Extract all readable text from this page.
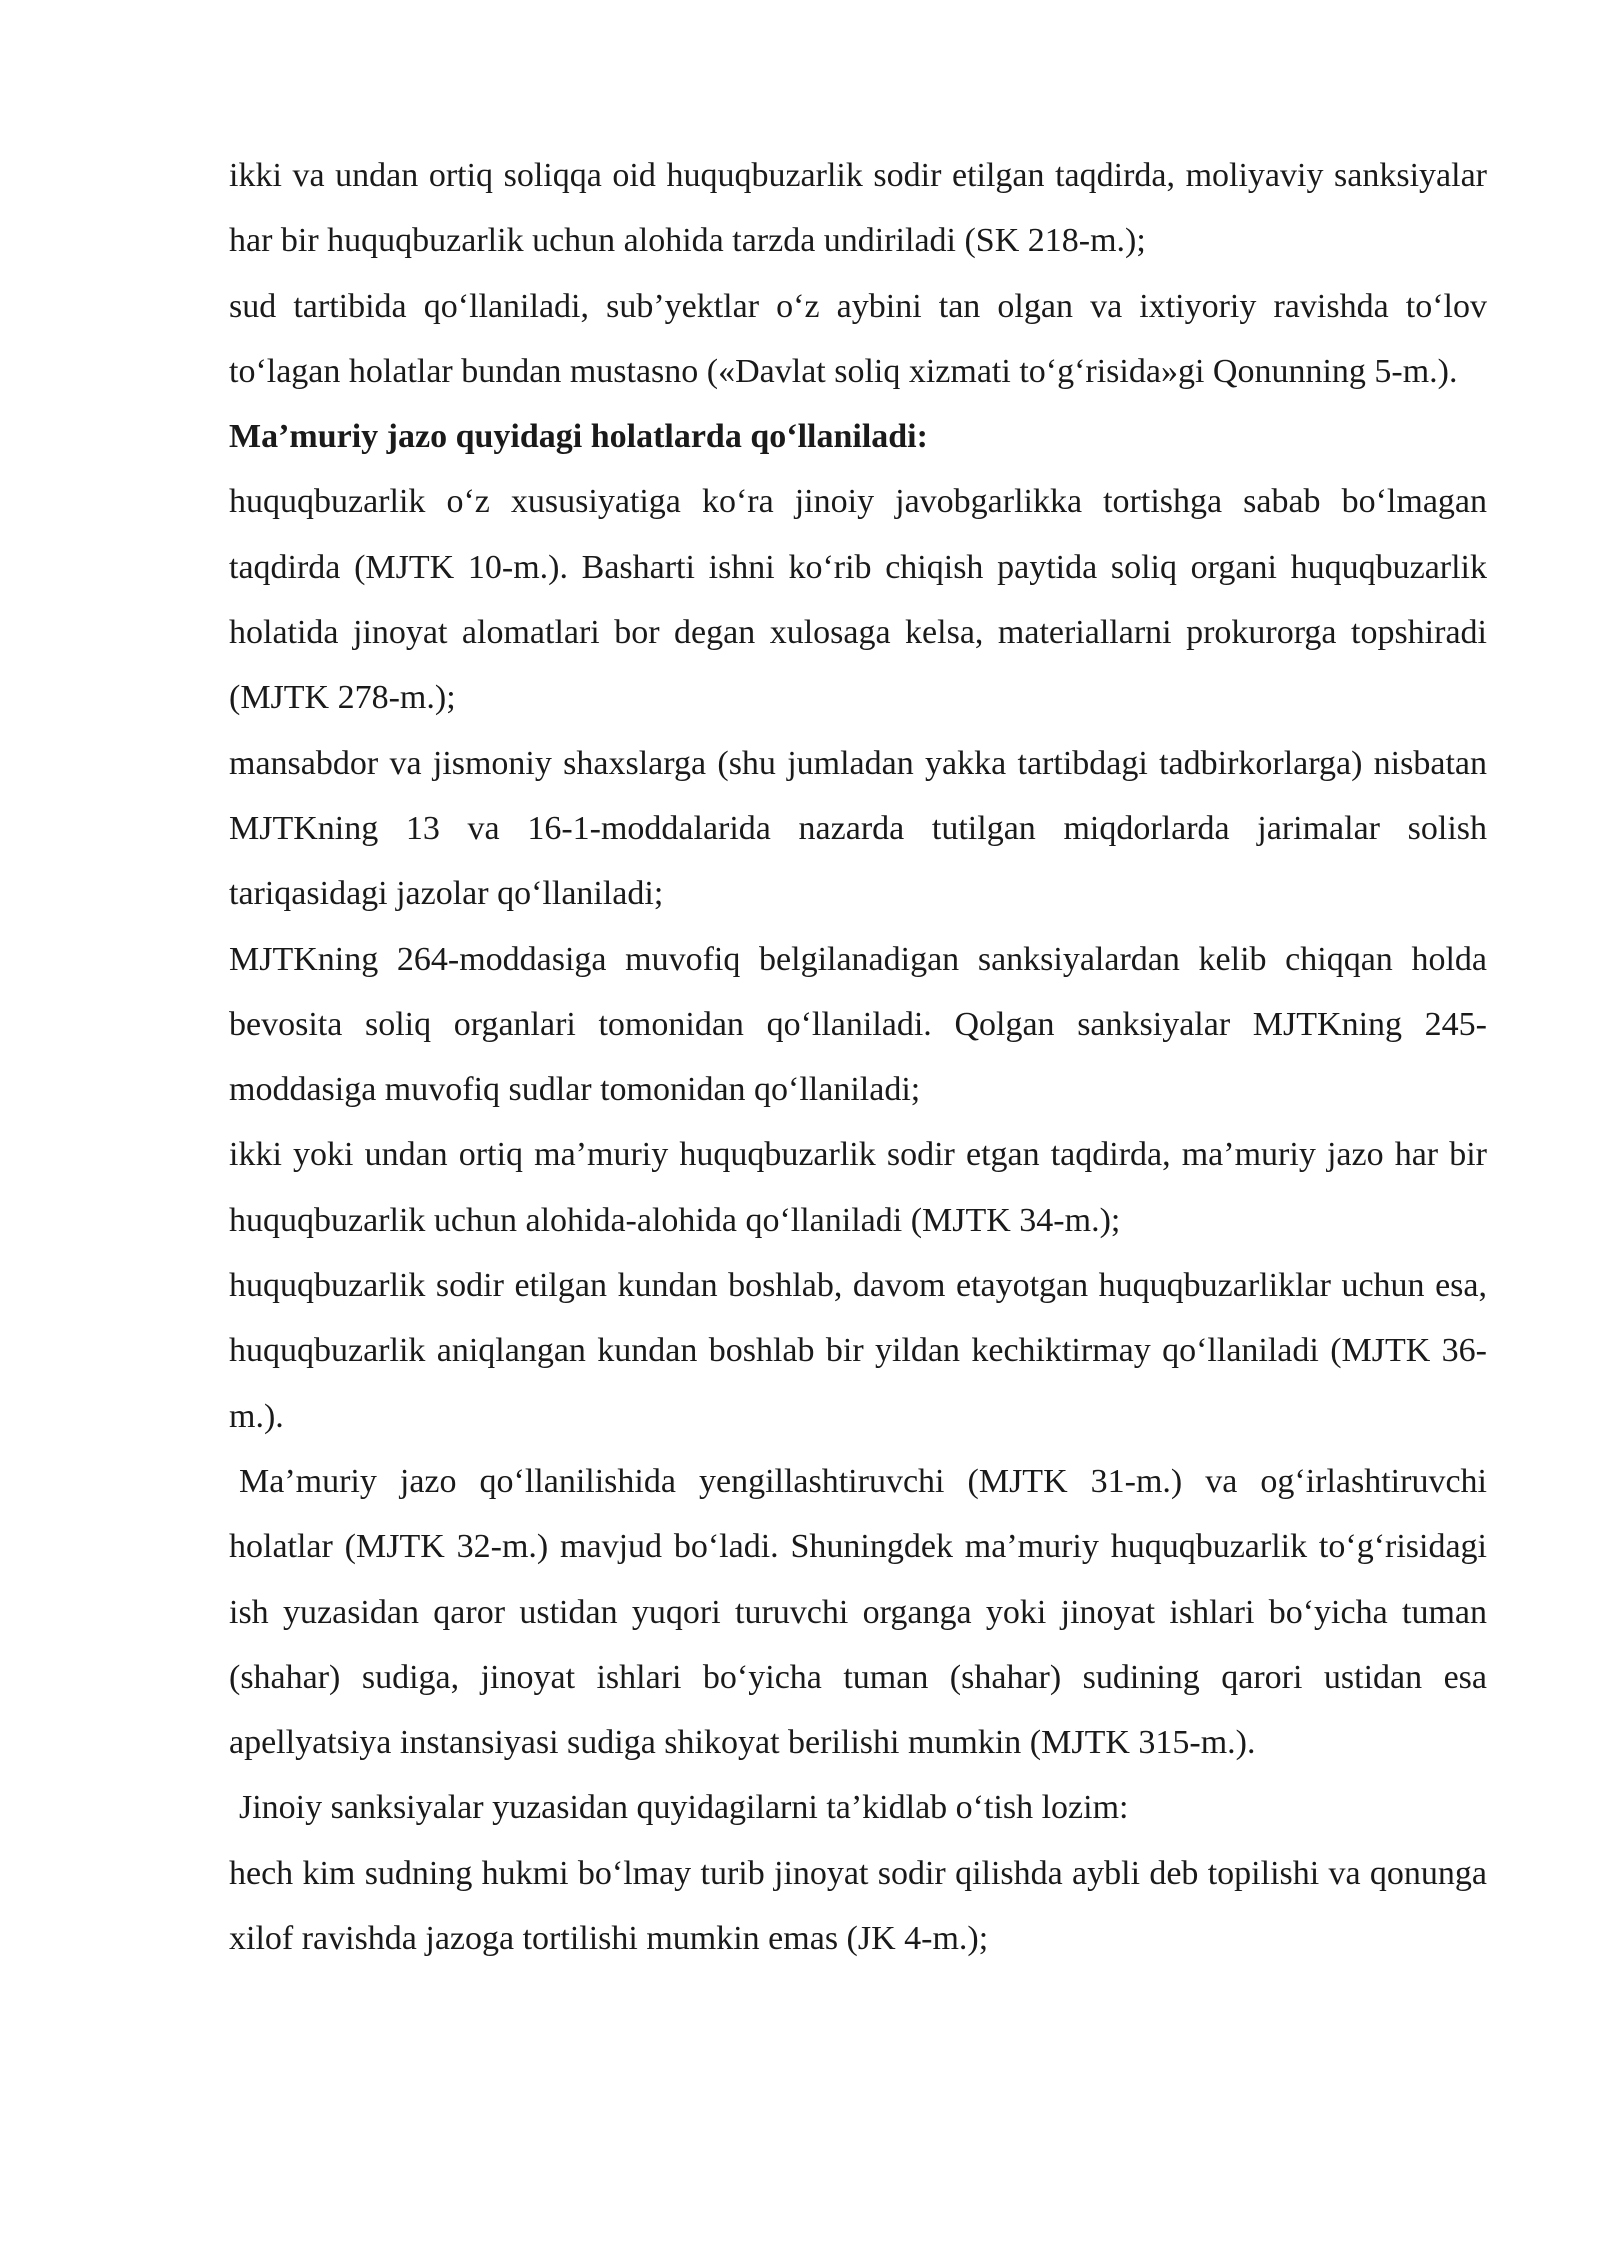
ikki va undan ortiq soliqqa oid huquqbuzarlik sodir etilgan taqdirda, moliyaviy sanksiyalar har bir huquqbuzarlik uchun alohida tarzda undiriladi (SK 218-m.);

sud tartibida qo‘llaniladi, sub’yektlar o‘z aybini tan olgan va ixtiyoriy ravishda to‘lov to‘lagan holatlar bundan mustasno («Davlat soliq xizmati to‘g‘risida»gi Qonunning 5-m.).

Ma’muriy jazo quyidagi holatlarda qo‘llaniladi:

huquqbuzarlik o‘z xususiyatiga ko‘ra jinoiy javobgarlikka tortishga sabab bo‘lmagan taqdirda (MJTK 10-m.). Basharti ishni ko‘rib chiqish paytida soliq organi huquqbuzarlik holatida jinoyat alomatlari bor degan xulosaga kelsa, materiallarni prokurorga topshiradi (MJTK 278-m.);

mansabdor va jismoniy shaxslarga (shu jumladan yakka tartibdagi tadbirkorlarga) nisbatan MJTKning 13 va 16-1-moddalarida nazarda tutilgan miqdorlarda jarimalar solish tariqasidagi jazolar qo‘llaniladi;

MJTKning 264-moddasiga muvofiq belgilanadigan sanksiyalardan kelib chiqqan holda bevosita soliq organlari tomonidan qo‘llaniladi. Qolgan sanksiyalar MJTKning 245-moddasiga muvofiq sudlar tomonidan qo‘llaniladi;

ikki yoki undan ortiq ma’muriy huquqbuzarlik sodir etgan taqdirda, ma’muriy jazo har bir huquqbuzarlik uchun alohida-alohida qo‘llaniladi (MJTK 34-m.);

huquqbuzarlik sodir etilgan kundan boshlab, davom etayotgan huquqbuzarliklar uchun esa, huquqbuzarlik aniqlangan kundan boshlab bir yildan kechiktirmay qo‘llaniladi (MJTK 36-m.).

Ma’muriy jazo qo‘llanilishida yengillashtiruvchi (MJTK 31-m.) va og‘irlashtiruvchi holatlar (MJTK 32-m.) mavjud bo‘ladi. Shuningdek ma’muriy huquqbuzarlik to‘g‘risidagi ish yuzasidan qaror ustidan yuqori turuvchi organga yoki jinoyat ishlari bo‘yicha tuman (shahar) sudiga, jinoyat ishlari bo‘yicha tuman (shahar) sudining qarori ustidan esa apellyatsiya instansiyasi sudiga shikoyat berilishi mumkin (MJTK 315-m.).

Jinoiy sanksiyalar yuzasidan quyidagilarni ta’kidlab o‘tish lozim:

hech kim sudning hukmi bo‘lmay turib jinoyat sodir qilishda aybli deb topilishi va qonunga xilof ravishda jazoga tortilishi mumkin emas (JK 4-m.);
